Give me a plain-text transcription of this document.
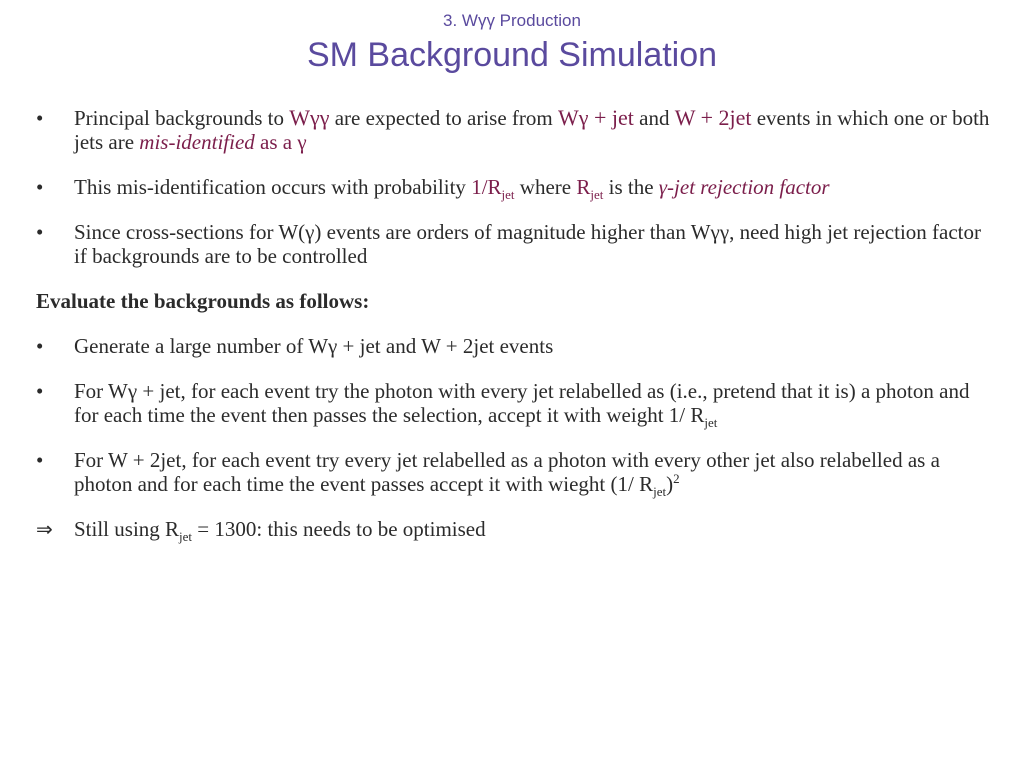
3. Wγγ Production
SM Background Simulation
•	Principal backgrounds to Wγγ are expected to arise from Wγ + jet and W + 2jet events in which one or both jets are mis-identified as a γ
•	This mis-identification occurs with probability $1/R_{jet}$ where $R_{jet}$ is the γ-jet rejection factor
•	Since cross-sections for W(γ) events are orders of magnitude higher than Wγγ, need high jet rejection factor if backgrounds are to be controlled
Evaluate the backgrounds as follows:
•	Generate a large number of Wγ + jet and W + 2jet events
•	For Wγ + jet, for each event try the photon with every jet relabelled as (i.e., pretend that it is) a photon and for each time the event then passes the selection, accept it with weight 1/ $R_{jet}$
•	For W + 2jet, for each event try every jet relabelled as a photon with every other jet also relabelled as a photon and for each time the event passes accept it with wieght (1/ $R_{jet})^2$
⇒	Still using $R_{jet} = 1300$: this needs to be optimised
